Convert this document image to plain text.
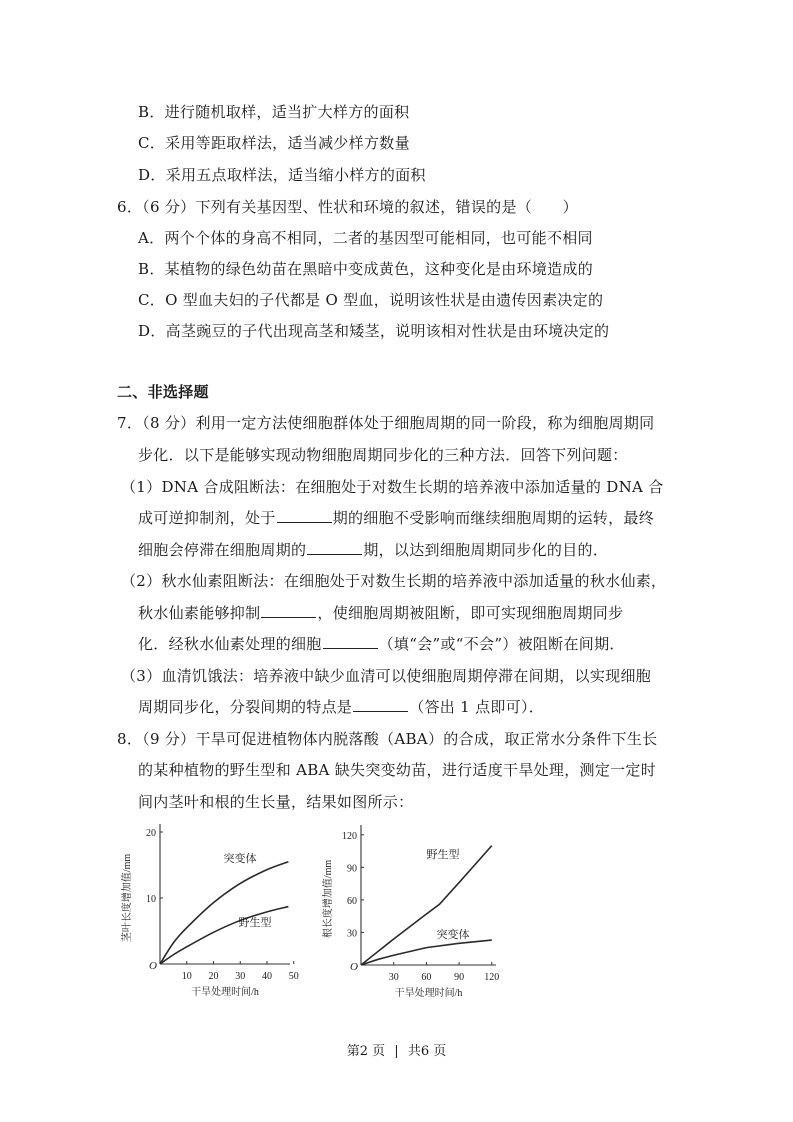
B．进行随机取样，适当扩大样方的面积
C．采用等距取样法，适当减少样方数量
D．采用五点取样法，适当缩小样方的面积
6．（6 分）下列有关基因型、性状和环境的叙述，错误的是（　　）
A．两个个体的身高不相同，二者的基因型可能相同，也可能不相同
B．某植物的绿色幼苗在黑暗中变成黄色，这种变化是由环境造成的
C．O 型血夫妇的子代都是 O 型血，说明该性状是由遗传因素决定的
D．高茎豌豆的子代出现高茎和矮茎，说明该相对性状是由环境决定的
二、非选择题
7．（8 分）利用一定方法使细胞群体处于细胞周期的同一阶段，称为细胞周期同
步化．以下是能够实现动物细胞周期同步化的三种方法．回答下列问题：
（1）DNA 合成阻断法：在细胞处于对数生长期的培养液中添加适量的 DNA 合
成可逆抑制剂，处于	期的细胞不受影响而继续细胞周期的运转，最终
细胞会停滞在细胞周期的	期，以达到细胞周期同步化的目的．
（2）秋水仙素阻断法：在细胞处于对数生长期的培养液中添加适量的秋水仙素，
秋水仙素能够抑制	，使细胞周期被阻断，即可实现细胞周期同步
化．经秋水仙素处理的细胞	（填“会”或“不会”）被阻断在间期．
（3）血清饥饿法：培养液中缺少血清可以使细胞周期停滞在间期，以实现细胞
周期同步化，分裂间期的特点是	（答出 1 点即可）．
8．（9 分）干旱可促进植物体内脱落酸（ABA）的合成，取正常水分条件下生长
的某种植物的野生型和 ABA 缺失突变幼苗，进行适度干旱处理，测定一定时
间内茎叶和根的生长量，结果如图所示：
O
10 20 30 40 50
10
20
干旱处理时间/h
茎叶长度增加值/mm	突变体
野生型
O
30 60 90 120
30
60
90
120
干旱处理时间/h
根长度增加值/mm
野生型
突变体
第2 页 | 共6 页
